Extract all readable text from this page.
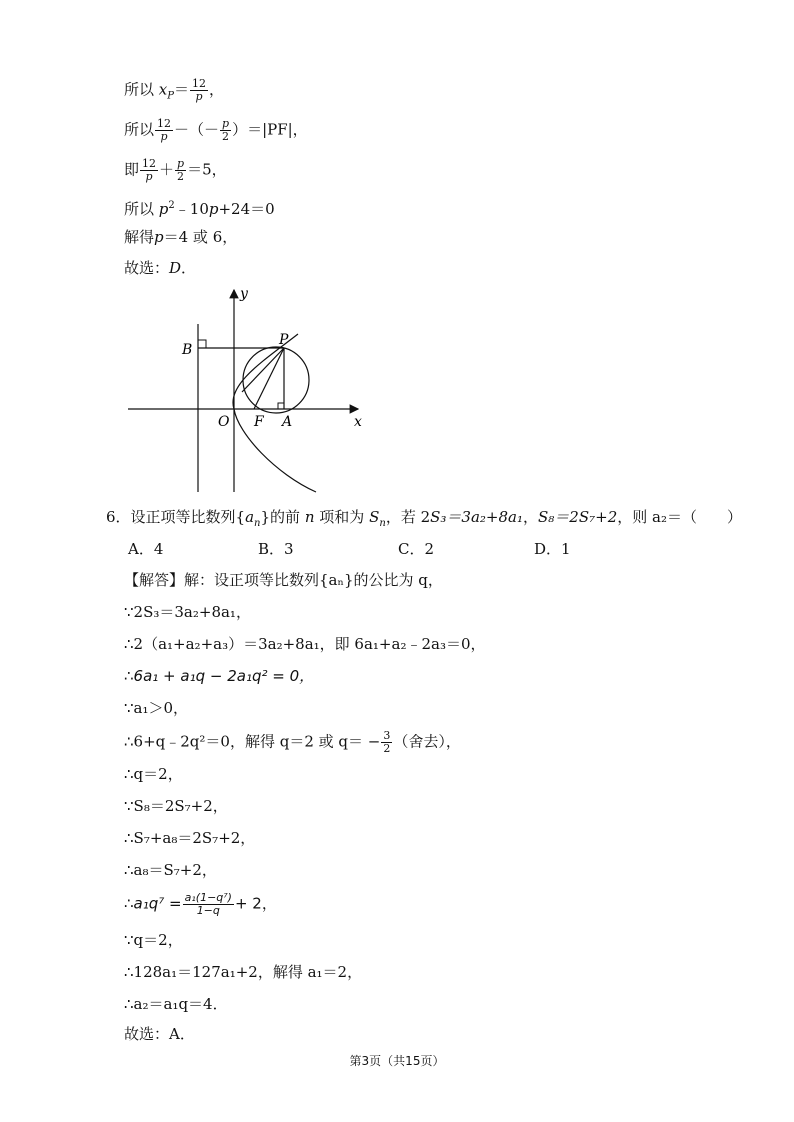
所以 $x_P= \frac{12}{p}$ ，
所以 $\frac{12}{p}$ －（－ $\frac{p}{2} )=|PF|$，
即 $\frac{12}{p} + \frac{p}{2} =5$，
所以 $p^2﹣10p+24=0$
解得p＝4 或 6，
故选：D．
y
x
B
P
O F A
6．设正项等比数列$\{a_n\}$的前 n 项和为 $S_n$，若 2S₃＝3a₂+8a₁，S₈＝2S₇+2，则 a₂＝（　　）
A．4	B．3	C．2	D．1
【解答】解：设正项等比数列{aₙ}的公比为 q，
∵2S₃＝3a₂+8a₁，
∴2（a₁+a₂+a₃）＝3a₂+8a₁，即 6a₁+a₂﹣2a₃＝0，
∴6a₁ + a₁q − 2a₁q² = 0，
∵a₁＞0，
∴6+q﹣2q²＝0，解得 q＝2 或 $q= - \frac{3}{2}$ （舍去），
∴q＝2，
∵S₈＝2S₇+2，
∴S₇+a₈＝2S₇+2，
∴a₈＝S₇+2，
∴a₁q⁷ = $\frac{\text{a₁(1−q⁷)}}{1-q} + 2$，
∵q＝2，
∴128a₁＝127a₁+2，解得 a₁＝2，
∴a₂＝a₁q＝4．
故选：A．
第3页（共15页）
